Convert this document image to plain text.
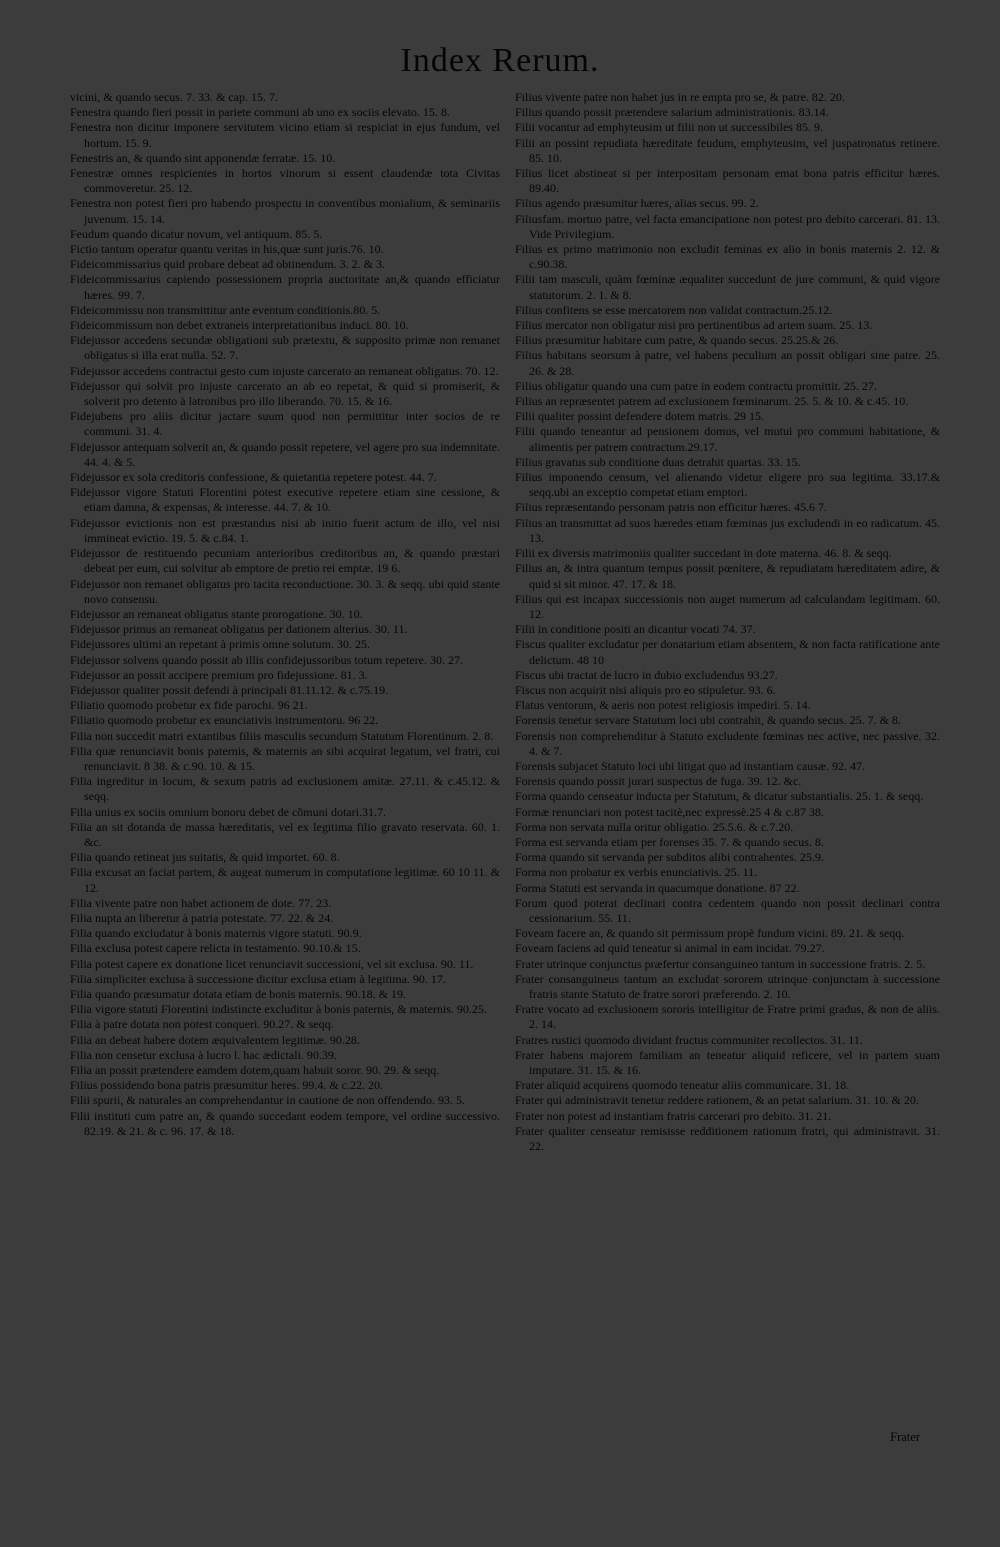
Index Rerum.

vicini, & quando secus. 7. 33. & cap. 15. 7.

Fenestra quando fieri possit in pariete communi ab uno ex sociis elevato. 15. 8.

Fenestra non dicitur imponere servitutem vicino etiam si respiciat in ejus fundum, vel hortum. 15. 9.

Fenestris an, & quando sint apponendæ ferratæ. 15. 10.

Fenestræ omnes respicientes in hortos vinorum si essent claudendæ tota Civitas commoveretur. 25. 12.

Fenestra non potest fieri pro habendo prospectu in conventibus monialium, & seminariis juvenum. 15. 14.

Feudum quando dicatur novum, vel antiquum. 85. 5.

Fictio tantum operatur quantu veritas in his,quæ sunt juris.76. 10.

Fideicommissarius quid probare debeat ad obtinendum. 3. 2. & 3.

Fideicommissarius capiendo possessionem propria auctoritate an,& quando efficiatur hæres. 99. 7.

Fideicommissu non transmittitur ante eventum conditionis.80. 5.

Fideicommissum non debet extraneis interpretationibus induci. 80. 10.

Fidejussor accedens secundæ obligationi sub prætextu, & supposito primæ non remanet obligatus si illa erat nulla. 52. 7.

Fidejussor accedens contractui gesto cum injuste carcerato an remaneat obligatus. 70. 12.

Fidejussor qui solvit pro injuste carcerato an ab eo repetat, & quid si promiserit, & solverit pro detento à latronibus pro illo liberando. 70. 15. & 16.

Fidejubens pro aliis dicitur jactare suum quod non permittitur inter socios de re communi. 31. 4.

Fidejussor antequam solverit an, & quando possit repetere, vel agere pro sua indemnitate. 44. 4. & 5.

Fidejussor ex sola creditoris confessione, & quietantia repetere potest. 44. 7.

Fidejussor vigore Statuti Florentini potest executive repetere etiam sine cessione, & etiam damna, & expensas, & interesse. 44. 7. & 10.

Fidejussor evictionis non est præstandus nisi ab initio fuerit actum de illo, vel nisi immineat evictio. 19. 5. & c.84. 1.

Fidejussor de restituendo pecuniam anterioribus creditoribus an, & quando præstari debeat per eum, cui solvitur ab emptore de pretio rei emptæ. 19 6.

Fidejussor non remanet obligatus pro tacita reconductione. 30. 3. & seqq. ubi quid stante novo consensu.

Fidejussor an remaneat obligatus stante prorogatione. 30. 10.

Fidejussor primus an remaneat obligatus per dationem alterius. 30. 11.

Fidejussores ultimi an repetant à primis omne solutum. 30. 25.

Fidejussor solvens quando possit ab illis confidejussoribus totum repetere. 30. 27.

Fidejussor an possit accipere premium pro fidejussione. 81. 3.

Fidejussor qualiter possit defendi à principali 81.11.12. & c.75.19.

Filiatio quomodo probetur ex fide parochi. 96 21.

Filiatio quomodo probetur ex enunciativis instrumentoru. 96 22.

Filia non succedit matri extantibus filiis masculis secundum Statutum Florentinum. 2. 8.

Filia quæ renunciavit bonis paternis, & maternis an sibi acquirat legatum, vel fratri, cui renunciavit. 8 38. & c.90. 10. & 15.

Filia ingreditur in locum, & sexum patris ad exclusionem amitæ. 27.11. & c.45.12. & seqq.

Filia unius ex sociis omnium bonoru debet de cõmuni dotari.31.7.

Filia an sit dotanda de massa hæreditatis, vel ex legitima filio gravato reservata. 60. 1. &c.

Filia quando retineat jus suitatis, & quid importet. 60. 8.

Filia excusat an faciat partem, & augeat numerum in computatione legitimæ. 60 10 11. & 12.

Filia vivente patre non habet actionem de dote. 77. 23.

Filia nupta an liberetur à patria potestate. 77. 22. & 24.

Filia quando excludatur à bonis maternis vigore statuti. 90.9.

Filia exclusa potest capere relicta in testamento. 90.10.& 15.

Filia potest capere ex donatione licet renunciavit successioni, vel sit exclusa. 90. 11.

Filia simpliciter exclusa à successione dicitur exclusa etiam à legitima. 90. 17.

Filia quando præsumatur dotata etiam de bonis maternis. 90.18. & 19.

Filia vigore statuti Florentini indistincte excluditur à bonis paternis, & maternis. 90.25.

Filia à patre dotata non potest conqueri. 90.27. & seqq.

Filia an debeat habere dotem æquivalentem legitimæ. 90.28.

Filia non censetur exclusa à lucro l. hac ædictali. 90.39.

Filia an possit prætendere eamdem dotem,quam habuit soror. 90. 29. & seqq.

Filius possidendo bona patris præsumitur heres. 99.4. & c.22. 20.

Filii spurii, & naturales an comprehendantur in cautione de non offendendo. 93. 5.

Filii instituti cum patre an, & quando succedant eodem tempore, vel ordine successivo. 82.19. & 21. & c. 96. 17. & 18.

Filius vivente patre non habet jus in re empta pro se, & patre. 82. 20.

Filius quando possit prætendere salarium administrationis. 83.14.

Filii vocantur ad emphyteusim ut filii non ut successibiles 85. 9.

Filii an possint repudiata hæreditate feudum, emphyteusim, vel juspatronatus retinere. 85. 10.

Filius licet abstineat si per interpositam personam emat bona patris efficitur hæres. 89.40.

Filius agendo præsumitur hæres, alias secus. 99. 2.

Filiusfam. mortuo patre, vel facta emancipatione non potest pro debito carcerari. 81. 13. Vide Privilegium.

Filius ex primo matrimonio non excludit feminas ex alio in bonis maternis 2. 12. & c.90.38.

Filii tam masculi, quàm fœminæ æqualiter succedunt de jure communi, & quid vigore statutorum. 2. 1. & 8.

Filius confitens se esse mercatorem non validat contractum.25.12.

Filius mercator non obligatur nisi pro pertinentibus ad artem suam. 25. 13.

Filius præsumitur habitare cum patre, & quando secus. 25.25.& 26.

Filius habitans seorsum à patre, vel habens peculium an possit obligari sine patre. 25. 26. & 28.

Filius obligatur quando una cum patre in eodem contractu promittit. 25. 27.

Filius an repræsentet patrem ad exclusionem fœminarum. 25. 5. & 10. & c.45. 10.

Filii qualiter possint defendere dotem matris. 29 15.

Filii quando teneantur ad pensionem domus, vel mutui pro communi habitatione, & alimentis per patrem contractum.29.17.

Filius gravatus sub conditione duas detrahit quartas. 33. 15.

Filius imponendo censum, vel alienando videtur eligere pro sua legitima. 33.17.& seqq.ubi an exceptio competat etiam emptori.

Filius repræsentando personam patris non efficitur hæres. 45.6 7.

Filius an transmittat ad suos hæredes etiam fœminas jus excludendi in eo radicatum. 45. 13.

Filii ex diversis matrimoniis qualiter succedant in dote materna. 46. 8. & seqq.

Filius an, & intra quantum tempus possit pœnitere, & repudiatam hæreditatem adire, & quid si sit minor. 47. 17. & 18.

Filius qui est incapax successionis non auget numerum ad calculandam legitimam. 60. 12.

Filii in conditione positi an dicantur vocati 74. 37.

Fiscus qualiter excludatur per donatarium etiam absentem, & non facta ratificatione ante delictum. 48 10

Fiscus ubi tractat de lucro in dubio excludendus 93.27.

Fiscus non acquirit nisi aliquis pro eo stipuletur. 93. 6.

Flatus ventorum, & aeris non potest religiosis impediri. 5. 14.

Forensis tenetur servare Statutum loci ubi contrahit, & quando secus. 25. 7. & 8.

Forensis non comprehenditur à Statuto excludente fœminas nec active, nec passive. 32. 4. & 7.

Forensis subjacet Statuto loci ubi litigat quo ad instantiam causæ. 92. 47.

Forensis quando possit jurari suspectus de fuga. 39. 12. &c.

Forma quando censeatur inducta per Statutum, & dicatur substantialis. 25. 1. & seqq.

Formæ renunciari non potest tacitè,nec expressè.25 4 & c.87 38.

Forma non servata nulla oritur obligatio. 25.5.6. & c.7.20.

Forma est servanda etiam per forenses 35. 7. & quando secus. 8.

Forma quando sit servanda per subditos alibi contrahentes. 25.9.

Forma non probatur ex verbis enunciativis. 25. 11.

Forma Statuti est servanda in quacumque donatione. 87 22.

Forum quod poterat declinari contra cedentem quando non possit declinari contra cessionarium. 55. 11.

Foveam facere an, & quando sit permissum propè fundum vicini. 89. 21. & seqq.

Foveam faciens ad quid teneatur si animal in eam incidat. 79.27.

Frater utrinque conjunctus præfertur consanguineo tantum in successione fratris. 2. 5.

Frater consanguineus tantum an excludat sororem utrinque conjunctam à successione fratris stante Statuto de fratre sorori præferendo. 2. 10.

Fratre vocato ad exclusionem sororis intelligitur de Fratre primi gradus, & non de aliis. 2. 14.

Fratres rustici quomodo dividant fructus communiter recollectos. 31. 11.

Frater habens majorem familiam an teneatur aliquid reficere, vel in partem suam imputare. 31. 15. & 16.

Frater aliquid acquirens quomodo teneatur aliis communicare. 31. 18.

Frater qui administravit tenetur reddere rationem, & an petat salarium. 31. 10. & 20.

Frater non potest ad instantiam fratris carcerari pro debito. 31. 21.

Frater qualiter censeatur remisisse redditionem rationum fratri, qui administravit. 31. 22.

Frater
